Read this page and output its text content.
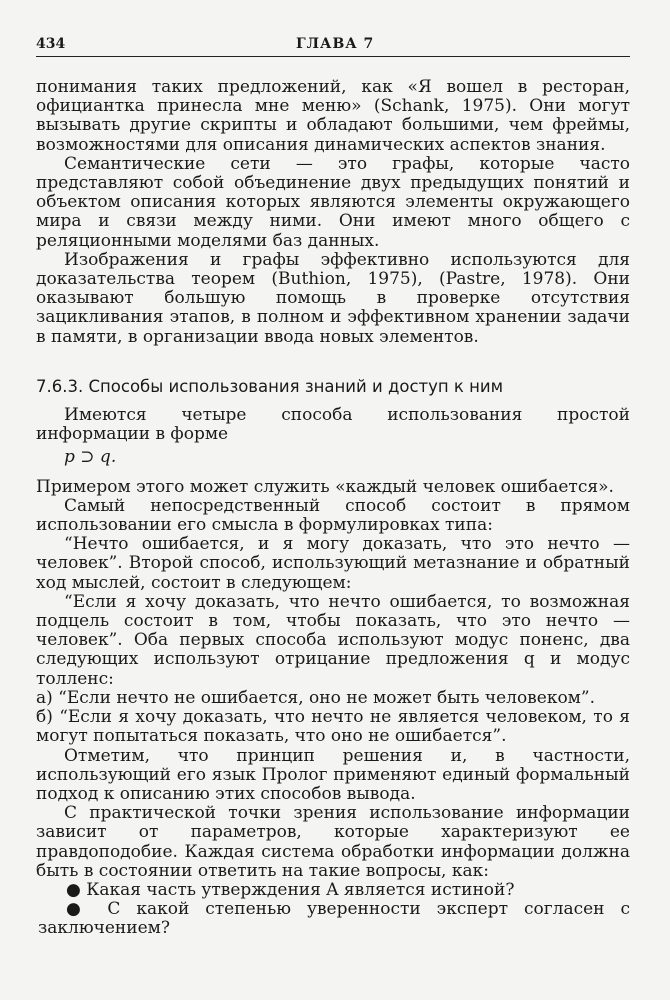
434	ГЛАВА 7

понимания таких предложений, как «Я вошел в ресторан, официантка принесла мне меню» (Schank, 1975). Они могут вызывать другие скрипты и обладают большими, чем фреймы, возможностями для описания динамических аспектов знания.

Семантические сети — это графы, которые часто представляют собой объединение двух предыдущих понятий и объектом описания которых являются элементы окружающего мира и связи между ними. Они имеют много общего с реляционными моделями баз данных.

Изображения и графы эффективно используются для доказательства теорем (Buthion, 1975), (Pastre, 1978). Они оказывают большую помощь в проверке отсутствия зацикливания этапов, в полном и эффективном хранении задачи в памяти, в организации ввода новых элементов.

7.6.3. Способы использования знаний и доступ к ним

Имеются четыре способа использования простой информации в форме

p ⊃ q.

Примером этого может служить «каждый человек ошибается».

Самый непосредственный способ состоит в прямом использовании его смысла в формулировках типа:

“Нечто ошибается, и я могу доказать, что это нечто — человек”. Второй способ, использующий метазнание и обратный ход мыслей, состоит в следующем:

“Если я хочу доказать, что нечто ошибается, то возможная подцель состоит в том, чтобы показать, что это нечто — человек”. Оба первых способа используют модус поненс, два следующих используют отрицание предложения q и модус толленс:

а) “Если нечто не ошибается, оно не может быть человеком”.

б) “Если я хочу доказать, что нечто не является человеком, то я могут попытаться показать, что оно не ошибается”.

Отметим, что принцип решения и, в частности, использующий его язык Пролог применяют единый формальный подход к описанию этих способов вывода.

С практической точки зрения использование информации зависит от параметров, которые характеризуют ее правдоподобие. Каждая система обработки информации должна быть в состоянии ответить на такие вопросы, как:

● Какая часть утверждения A является истиной?

● С какой степенью уверенности эксперт согласен с заключением?
